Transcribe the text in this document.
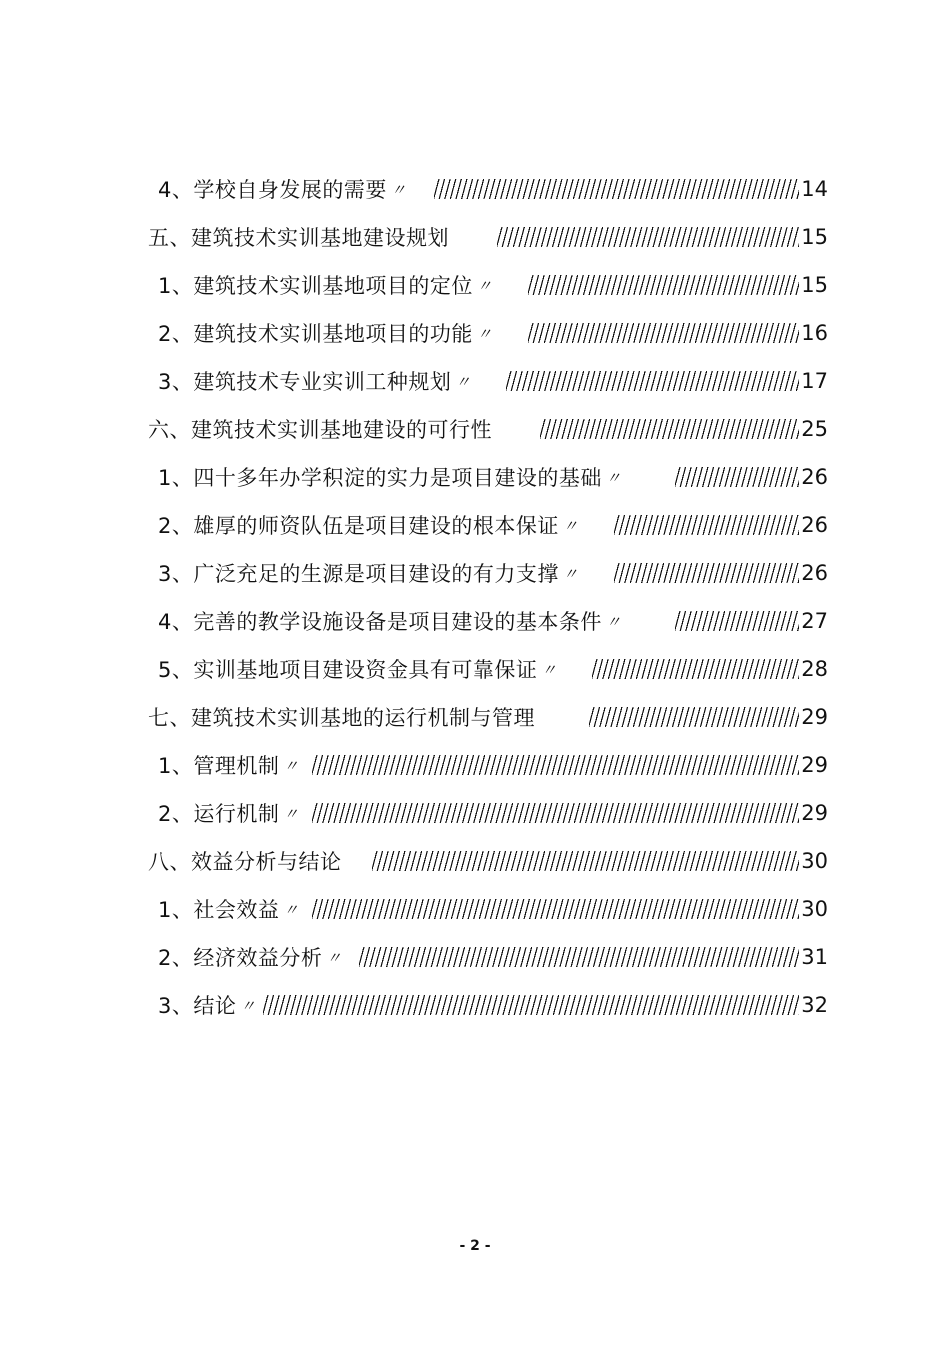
4、学校自身发展的需要 〃	14
五、建筑技术实训基地建设规划	15
1、建筑技术实训基地项目的定位 〃	15
2、建筑技术实训基地项目的功能 〃	16
3、建筑技术专业实训工种规划 〃	17
六、建筑技术实训基地建设的可行性	25
1、四十多年办学积淀的实力是项目建设的基础 〃	26
2、雄厚的师资队伍是项目建设的根本保证 〃	26
3、广泛充足的生源是项目建设的有力支撑 〃	26
4、完善的教学设施设备是项目建设的基本条件 〃	27
5、实训基地项目建设资金具有可靠保证 〃	28
七、建筑技术实训基地的运行机制与管理	29
1、管理机制 〃	29
2、运行机制 〃	29
八、效益分析与结论	30
1、社会效益 〃	30
2、经济效益分析 〃	31
3、结论 〃	32
- 2 -
